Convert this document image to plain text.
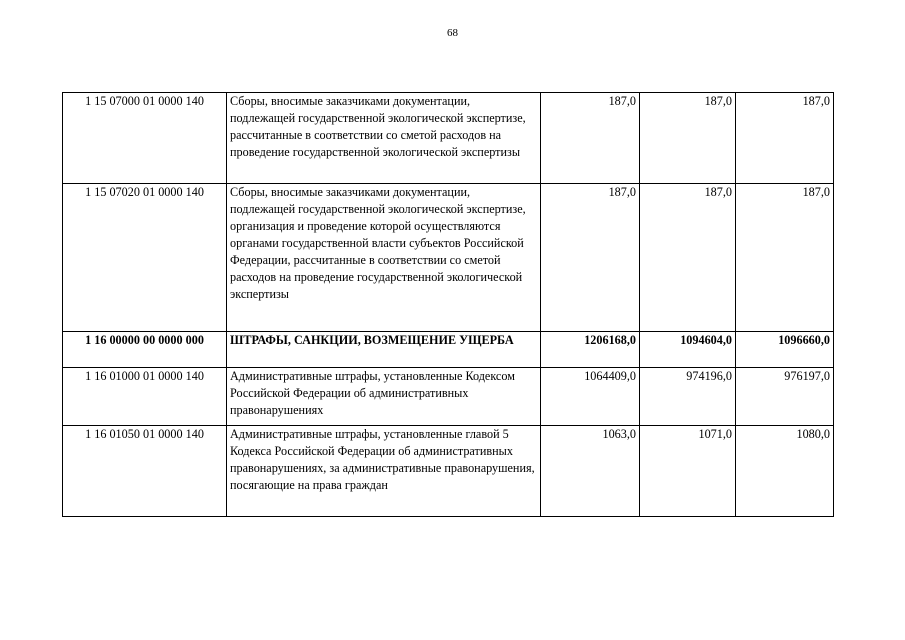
68
1 15 07000 01 0000 140	Сборы, вносимые заказчиками документации, подлежащей государственной экологической экспертизе, рассчитанные в соответствии со сметой расходов на проведение государственной экологической экспертизы	187,0	187,0	187,0
1 15 07020 01 0000 140	Сборы, вносимые заказчиками документации, подлежащей государственной экологической экспертизе, организация и проведение которой осуществляются органами государственной власти субъектов Российской Федерации, рассчитанные в соответствии со сметой расходов на проведение государственной экологической экспертизы	187,0	187,0	187,0
1 16 00000 00 0000 000	ШТРАФЫ, САНКЦИИ, ВОЗМЕЩЕНИЕ УЩЕРБА	1206168,0	1094604,0	1096660,0
1 16 01000 01 0000 140	Административные штрафы, установленные Кодексом Российской Федерации об административных правонарушениях	1064409,0	974196,0	976197,0
1 16 01050 01 0000 140	Административные штрафы, установленные главой 5 Кодекса Российской Федерации об административных правонарушениях, за административные правонарушения, посягающие на права граждан	1063,0	1071,0	1080,0
